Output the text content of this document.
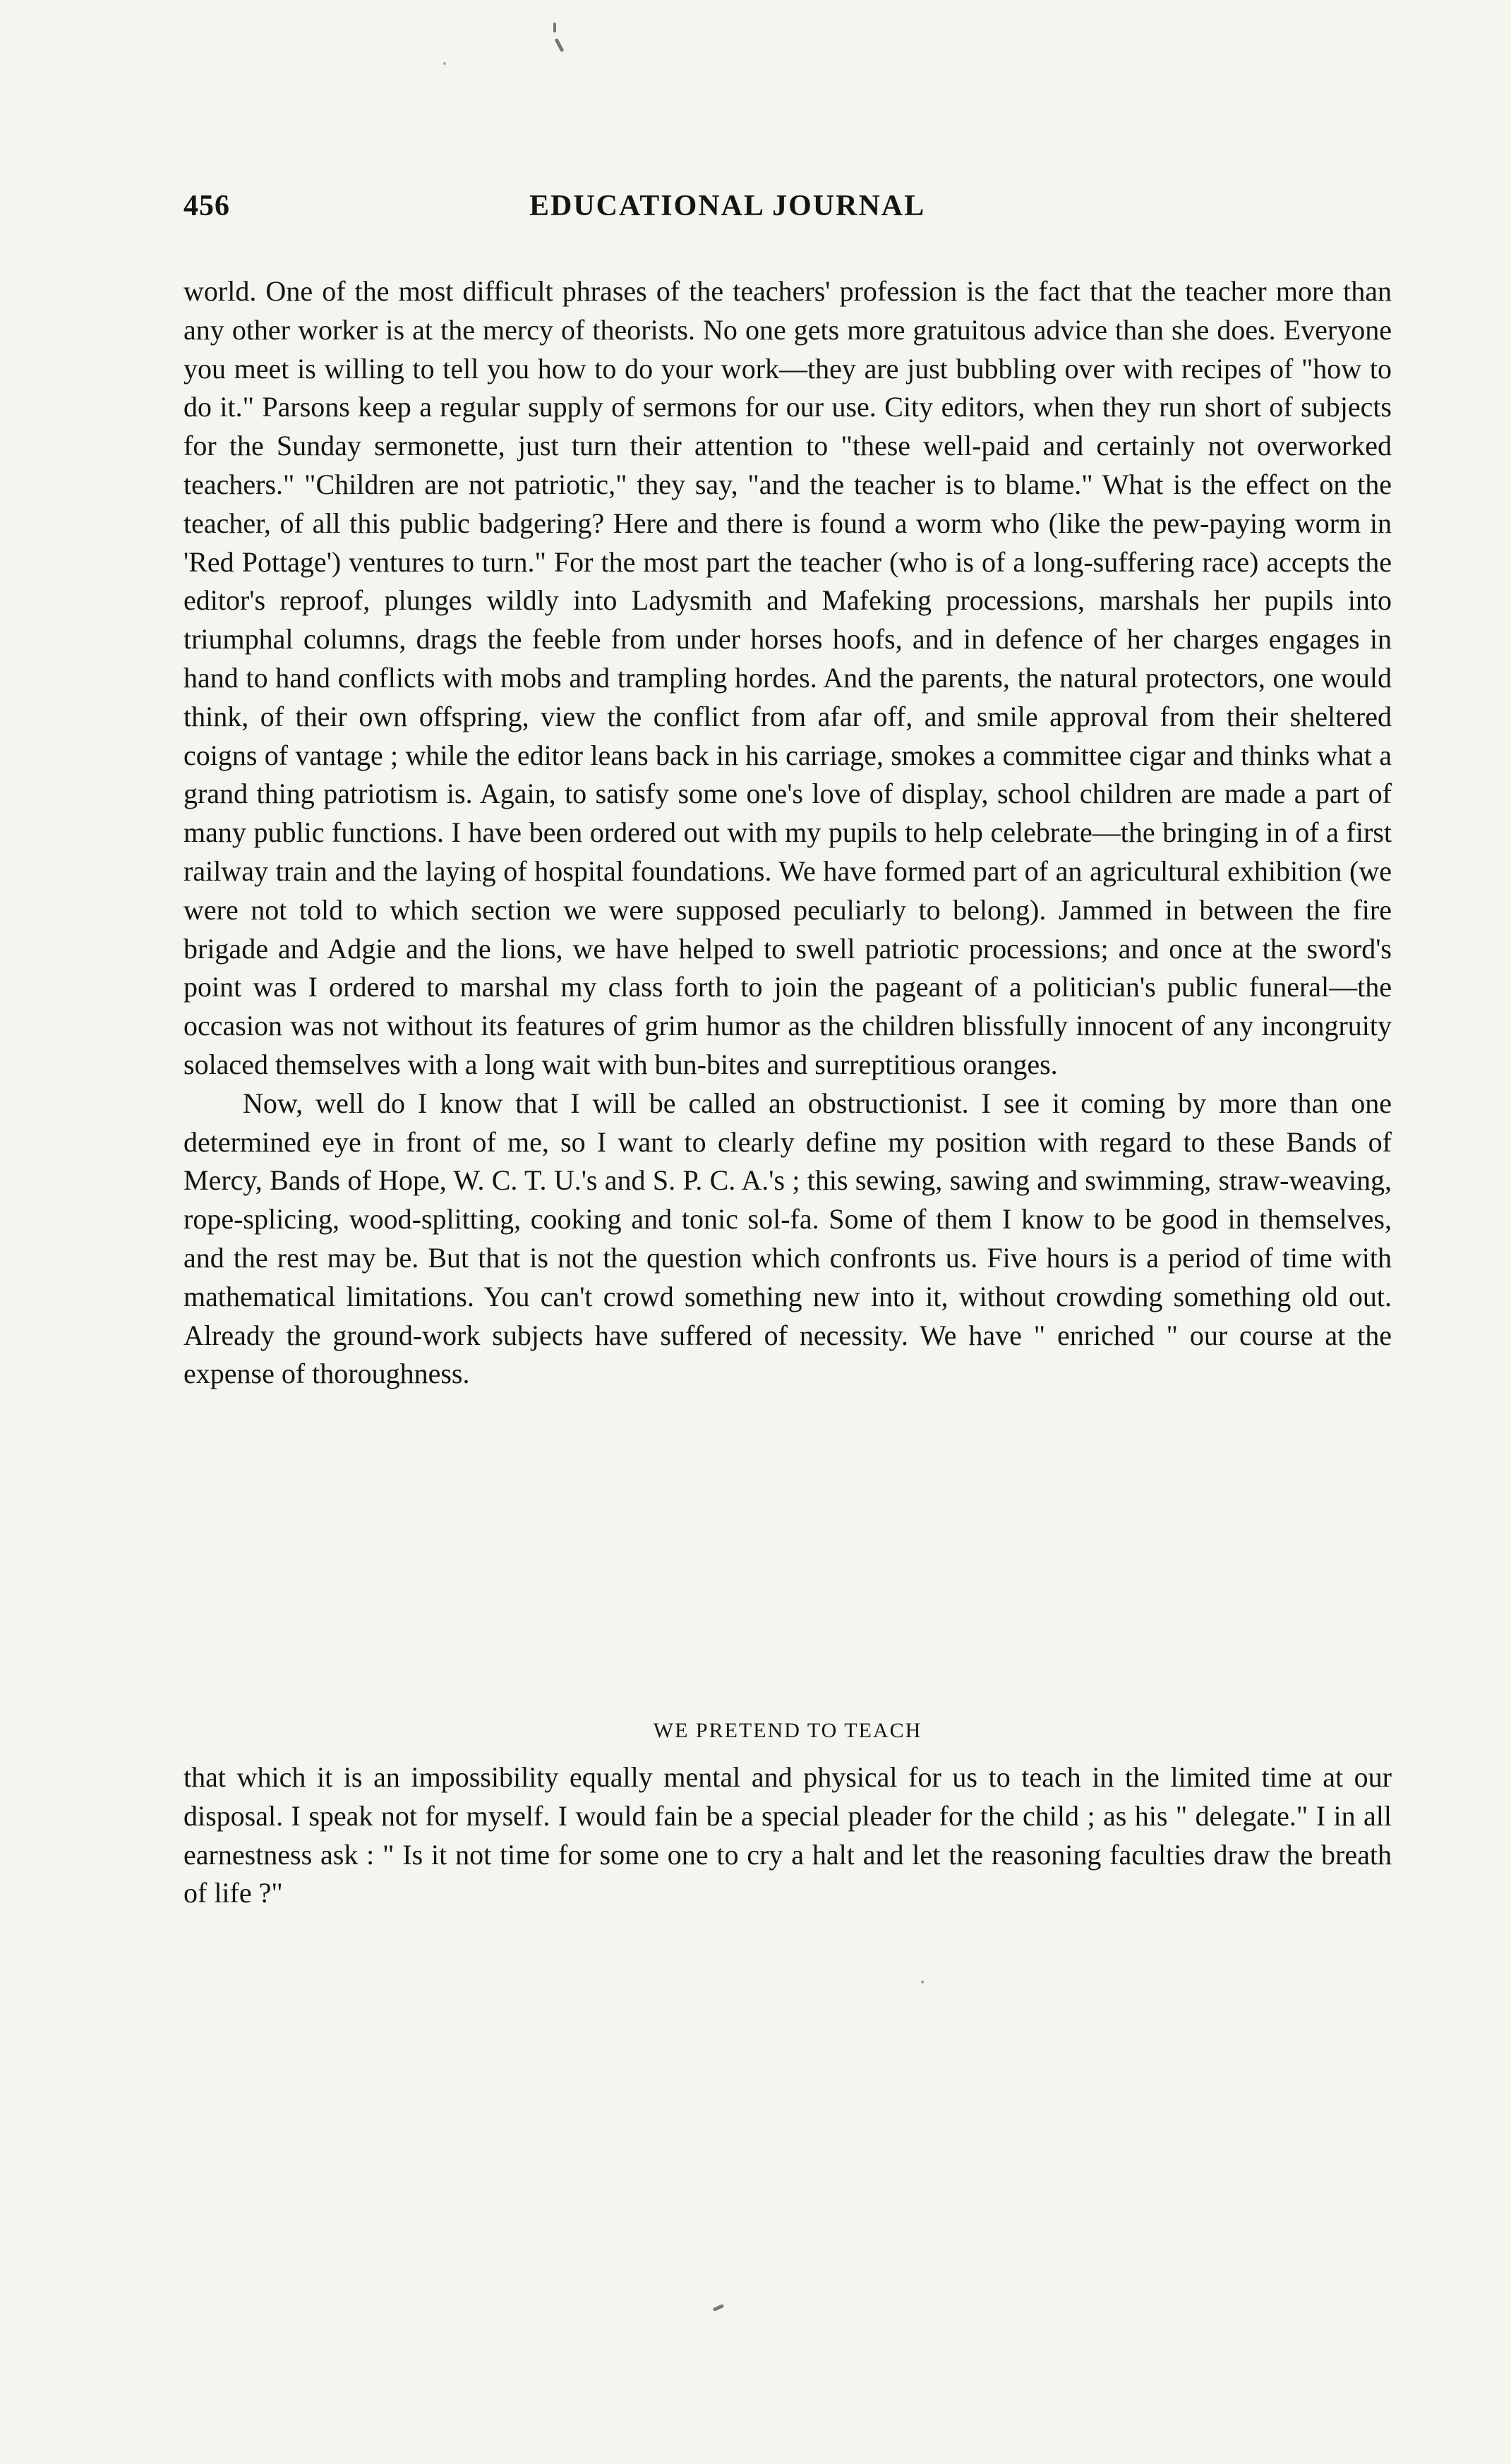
456	EDUCATIONAL JOURNAL

world. One of the most difficult phrases of the teachers' profession is the fact that the teacher more than any other worker is at the mercy of theorists. No one gets more gratuitous advice than she does. Everyone you meet is willing to tell you how to do your work—they are just bubbling over with recipes of "how to do it." Parsons keep a regular supply of sermons for our use. City editors, when they run short of subjects for the Sunday sermonette, just turn their attention to "these well-paid and certainly not overworked teachers." "Children are not patriotic," they say, "and the teacher is to blame." What is the effect on the teacher, of all this public badgering? Here and there is found a worm who (like the pew-paying worm in 'Red Pottage') ventures to turn." For the most part the teacher (who is of a long-suffering race) accepts the editor's reproof, plunges wildly into Ladysmith and Mafeking processions, marshals her pupils into triumphal columns, drags the feeble from under horses hoofs, and in defence of her charges engages in hand to hand conflicts with mobs and trampling hordes. And the parents, the natural protectors, one would think, of their own offspring, view the conflict from afar off, and smile approval from their sheltered coigns of vantage ; while the editor leans back in his carriage, smokes a committee cigar and thinks what a grand thing patriotism is. Again, to satisfy some one's love of display, school children are made a part of many public functions. I have been ordered out with my pupils to help celebrate—the bringing in of a first railway train and the laying of hospital foundations. We have formed part of an agricultural exhibition (we were not told to which section we were supposed peculiarly to belong). Jammed in between the fire brigade and Adgie and the lions, we have helped to swell patriotic processions; and once at the sword's point was I ordered to marshal my class forth to join the pageant of a politician's public funeral—the occasion was not without its features of grim humor as the children blissfully innocent of any incongruity solaced themselves with a long wait with bun-bites and surreptitious oranges.

Now, well do I know that I will be called an obstructionist. I see it coming by more than one determined eye in front of me, so I want to clearly define my position with regard to these Bands of Mercy, Bands of Hope, W. C. T. U.'s and S. P. C. A.'s ; this sewing, sawing and swimming, straw-weaving, rope-splicing, wood-splitting, cooking and tonic sol-fa. Some of them I know to be good in themselves, and the rest may be. But that is not the question which confronts us. Five hours is a period of time with mathematical limitations. You can't crowd something new into it, without crowding something old out. Already the ground-work subjects have suffered of necessity. We have " enriched " our course at the expense of thoroughness.

WE PRETEND TO TEACH

that which it is an impossibility equally mental and physical for us to teach in the limited time at our disposal. I speak not for myself. I would fain be a special pleader for the child ; as his " delegate." I in all earnestness ask : " Is it not time for some one to cry a halt and let the reasoning faculties draw the breath of life ?"
